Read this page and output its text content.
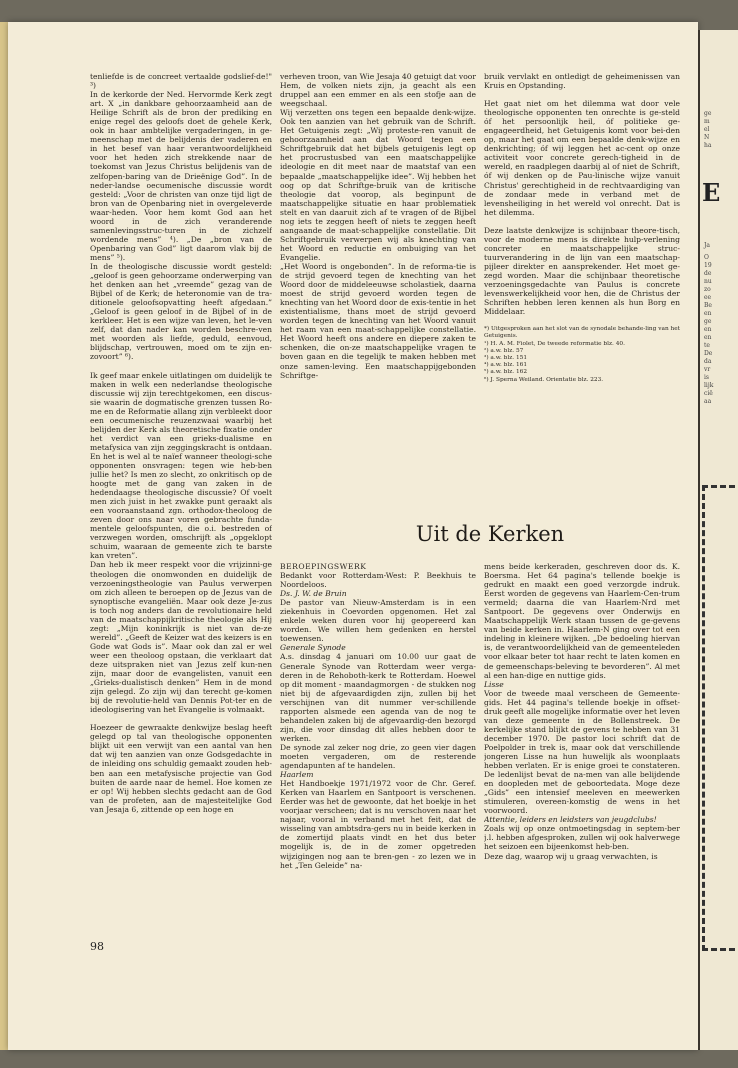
tenliefde is de concreet vertaalde godslief-de!" ³)

In de kerkorde der Ned. Hervormde Kerk zegt art. X „in dankbare gehoorzaamheid aan de Heilige Schrift als de bron der prediking en enige regel des geloofs doet de gehele Kerk, ook in haar ambtelijke vergaderingen, in ge-meenschap met de belijdenis der vaderen en in het besef van haar verantwoordelijkheid voor het heden zich strekkende naar de toekomst van Jezus Christus belijdenis van de zelfopen-baring van de Drieënige God”. In de neder-landse oecumenische discussie wordt gesteld: „Voor de christen van onze tijd ligt de bron van de Openbaring niet in overgeleverde waar-heden. Voor hem komt God aan het woord in de zich veranderende samenlevingsstruc-turen in de zichzelf wordende mens” ⁴). „De „bron van de Openbaring van God” ligt daarom vlak bij de mens” ⁵).

In de theologische discussie wordt gesteld: „geloof is geen gehoorzame onderwerping van het denken aan het „vreemde” gezag van de Bijbel of de Kerk; de heteronomie van de tra-ditionele geloofsopvatting heeft afgedaan.” „Geloof is geen geloof in de Bijbel of in de kerkleer. Het is een wijze van leven, het le-ven zelf, dat dan nader kan worden beschre-ven met woorden als liefde, geduld, eenvoud, blijdschap, vertrouwen, moed om te zijn en-zovoort” ⁶).

Ik geef maar enkele uitlatingen om duidelijk te maken in welk een nederlandse theologische discussie wij zijn terechtgekomen, een discus-sie waarin de dogmatische grenzen tussen Ro-me en de Reformatie allang zijn verbleekt door een oecumenische reuzenzwaai waarbij het belijden der Kerk als theoretische fixatie onder het verdict van een grieks-dualisme en metafysica van zijn zeggingskracht is ontdaan. En het is wel al te naïef wanneer theologi-sche opponenten onsvragen: tegen wie heb-ben jullie het? Is men zo slecht, zo onkritisch op de hoogte met de gang van zaken in de hedendaagse theologische discussie? Of voelt men zich juist in het zwakke punt geraakt als een vooraanstaand zgn. orthodox-theoloog de zeven door ons naar voren gebrachte funda-mentele geloofspunten, die o.i. bestreden of verzwegen worden, omschrijft als „opgeklopt schuim, waaraan de gemeente zich te barste kan vreten”.

Dan heb ik meer respekt voor die vrijzinni-ge theologen die onomwonden en duidelijk de verzoeningstheologie van Paulus verwerpen om zich alleen te beroepen op de Jezus van de synoptische evangeliën. Maar ook deze Je-zus is toch nog anders dan de revolutionaire held van de maatschappijkritische theologie als Hij zegt: „Mijn koninkrijk is niet van de-ze wereld”. „Geeft de Keizer wat des keizers is en Gode wat Gods is”. Maar ook dan zal er wel weer een theoloog opstaan, die verklaart dat deze uitspraken niet van Jezus zelf kun-nen zijn, maar door de evangelisten, vanuit een „Grieks-dualistisch denken” Hem in de mond zijn gelegd. Zo zijn wij dan terecht ge-komen bij de revolutie-held van Dennis Pot-ter en de ideologisering van het Evangelie is volmaakt.

Hoezeer de gewraakte denkwijze beslag heeft gelegd op tal van theologische opponenten blijkt uit een verwijt van een aantal van hen dat wij ten aanzien van onze Godsgedachte in de inleiding ons schuldig gemaakt zouden heb-ben aan een metafysische projectie van God buiten de aarde naar de hemel. Hoe komen ze er op! Wij hebben slechts gedacht aan de God van de profeten, aan de majesteitelijke God van Jesaja 6, zittende op een hoge en

verheven troon, van Wie Jesaja 40 getuigt dat voor Hem, de volken niets zijn, ja geacht als een druppel aan een emmer en als een stofje aan de weegschaal.

Wij verzetten ons tegen een bepaalde denk-wijze. Ook ten aanzien van het gebruik van de Schrift. Het Getuigenis zegt: „Wij proteste-ren vanuit de gehoorzaamheid aan dat Woord tegen een Schriftgebruik dat het bijbels getuigenis legt op het procrustusbed van een maatschappelijke ideologie en dit meet naar de maatstaf van een bepaalde „maatschappelijke idee”. Wij hebben het oog op dat Schriftge-bruik van de kritische theologie dat voorop, als beginpunt de maatschappelijke situatie en haar problematiek stelt en van daaruit zich af te vragen of de Bijbel nog iets te zeggen heeft of niets te zeggen heeft aangaande de maat-schappelijke constellatie. Dit Schriftgebruik verwerpen wij als knechting van het Woord en reductie en ombuiging van het Evangelie.

„Het Woord is ongebonden”. In de reforma-tie is de strijd gevoerd tegen de knechting van het Woord door de middeleeuwse scholastiek, daarna moest de strijd gevoerd worden tegen de knechting van het Woord door de exis-tentie in het existentialisme, thans moet de strijd gevoerd worden tegen de knechting van het Woord vanuit het raam van een maat-schappelijke constellatie. Het Woord heeft ons andere en diepere zaken te schenken, die on-ze maatschappelijke vragen te boven gaan en die tegelijk te maken hebben met onze samen-leving. Een maatschappijgebonden Schriftge-

bruik vervlakt en ontledigt de geheimenissen van Kruis en Opstanding.

Het gaat niet om het dilemma wat door vele theologische opponenten ten onrechte is ge-steld óf het persoonlijk heil, óf politieke ge-engageerdheid, het Getuigenis komt voor bei-den op, maar het gaat om een bepaalde denk-wijze en denkrichting; óf wij leggen het ac-cent op onze activiteit voor concrete gerech-tigheid in de wereld, en raadplegen daarbij al of niet de Schrift, óf wij denken op de Pau-linische wijze vanuit Christus' gerechtigheid in de rechtvaardiging van de zondaar mede in verband met de levensheiliging in het wereld vol onrecht. Dat is het dilemma.

Deze laatste denkwijze is schijnbaar theore-tisch, voor de moderne mens is direkte hulp-verlening concreter en maatschappelijke struc-tuurverandering in de lijn van een maatschap-pijleer direkter en aansprekender. Het moet ge-zegd worden. Maar die schijnbaar theoretische verzoeningsgedachte van Paulus is concrete levenswerkelijkheid voor hen, die de Christus der Schriften hebben leren kennen als hun Borg en Middelaar.

*) Uitgesproken aan het slot van de synodale behande-ling van het Getuigenis.
¹) H. A. M. Fiolet, De tweede reformatie blz. 40.
²) a.w. blz. 57
³) a.w. blz. 151
⁴) a.w. blz. 161
⁵) a.w. blz. 162
⁶) J. Sperna Weiland. Orientatie blz. 223.
Uit de Kerken

BEROEPINGSWERK

Bedankt voor Rotterdam-West: P. Beekhuis te Noordeloos.

Ds. J. W. de Bruin

De pastor van Nieuw-Amsterdam is in een ziekenhuis in Coevorden opgenomen. Het zal enkele weken duren voor hij geopereerd kan worden. We willen hem gedenken en herstel toewensen.

Generale Synode

A.s. dinsdag 4 januari om 10.00 uur gaat de Generale Synode van Rotterdam weer verga-deren in de Rehoboth-kerk te Rotterdam. Hoewel op dit moment - maandagmorgen - de stukken nog niet bij de afgevaardigden zijn, zullen bij het verschijnen van dit nummer ver-schillende rapporten alsmede een agenda van de nog te behandelen zaken bij de afgevaardig-den bezorgd zijn, die voor dinsdag dit alles hebben door te werken.

De synode zal zeker nog drie, zo geen vier dagen moeten vergaderen, om de resterende agendapunten af te handelen.

Haarlem

Het Handboekje 1971/1972 voor de Chr. Geref. Kerken van Haarlem en Santpoort is verschenen. Eerder was het de gewoonte, dat het boekje in het voorjaar verscheen; dat is nu verschoven naar het najaar, vooral in verband met het feit, dat de wisseling van ambtsdra-gers nu in beide kerken in de zomertijd plaats vindt en het dus beter mogelijk is, de in de zomer opgetreden wijzigingen nog aan te bren-gen - zo lezen we in het „Ten Geleide” na-

mens beide kerkeraden, geschreven door ds. K. Boersma. Het 64 pagina's tellende boekje is gedrukt en maakt een goed verzorgde indruk. Eerst worden de gegevens van Haarlem-Cen-trum vermeld; daarna die van Haarlem-Nrd met Santpoort. De gegevens over Onderwijs en Maatschappelijk Werk staan tussen de ge-gevens van beide kerken in. Haarlem-N ging over tot een indeling in kleinere wijken. „De bedoeling hiervan is, de verantwoordelijkheid van de gemeenteleden voor elkaar beter tot haar recht te laten komen en de gemeenschaps-beleving te bevorderen”. Al met al een han-dige en nuttige gids.

Lisse

Voor de tweede maal verscheen de Gemeente-gids. Het 44 pagina's tellende boekje in offset-druk geeft alle mogelijke informatie over het leven van deze gemeente in de Bollenstreek. De kerkelijke stand blijkt de gevens te hebben van 31 december 1970. De pastor loci schrift dat de Poelpolder in trek is, maar ook dat verschillende jongeren Lisse na hun huwelijk als woonplaats hebben verlaten. Er is enige groei te constateren. De ledenlijst bevat de na-men van alle belijdende en doopleden met de geboortedata. Moge deze „Gids” een intensief meeleven en meewerken stimuleren, overeen-komstig de wens in het voorwoord.

Attentie, leiders en leidsters van jeugdclubs!

Zoals wij op onze ontmoetingsdag in septem-ber j.l. hebben afgesproken, zullen wij ook halverwege het seizoen een bijeenkomst heb-ben.

Deze dag, waarop wij u graag verwachten, is

98
ge
m
el
N
ha
E
Ja
O
19
de
nu
zo
ee
Be
en
ge
en
en
te
De
da
vr
is
lijk
cië
aa
